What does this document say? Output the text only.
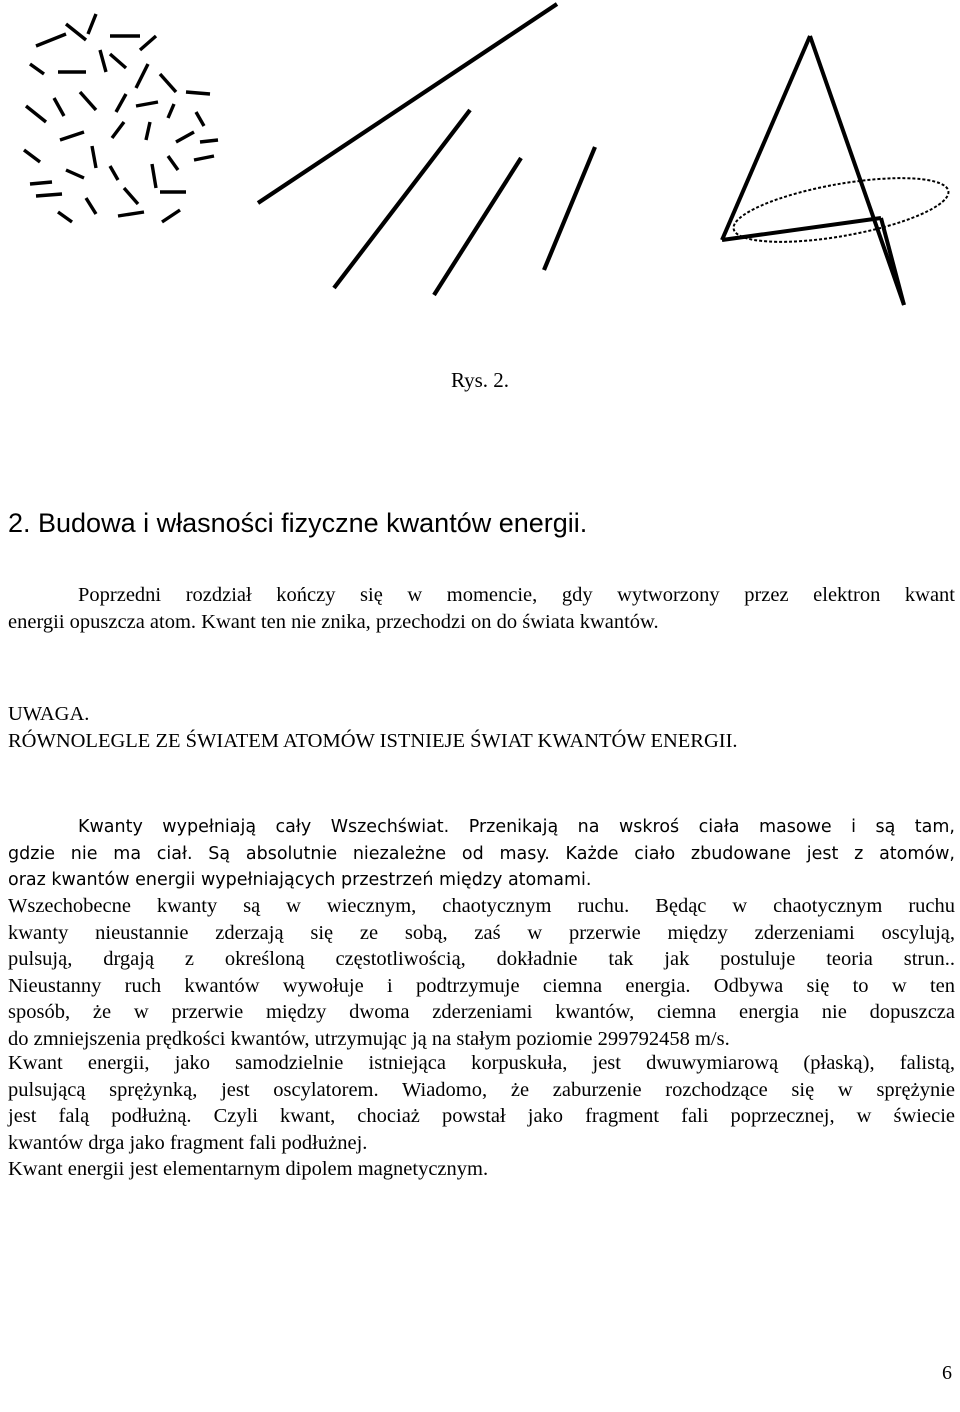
Rys. 2.
2. Budowa i własności fizyczne kwantów energii.

Poprzedni rozdział kończy się w momencie, gdy wytworzony przez elektron kwant
energii opuszcza atom. Kwant ten nie znika, przechodzi on do świata kwantów.

UWAGA.
RÓWNOLEGLE ZE ŚWIATEM ATOMÓW ISTNIEJE ŚWIAT KWANTÓW ENERGII.

Kwanty wypełniają cały Wszechświat. Przenikają na wskroś ciała masowe i są tam,
gdzie nie ma ciał. Są absolutnie niezależne od masy. Każde ciało zbudowane jest z atomów,
oraz kwantów energii wypełniających przestrzeń między atomami.

Wszechobecne kwanty są w wiecznym, chaotycznym ruchu. Będąc w chaotycznym ruchu
kwanty nieustannie zderzają się ze sobą, zaś w przerwie między zderzeniami oscylują,
pulsują, drgają z określoną częstotliwością, dokładnie tak jak postuluje teoria strun..
Nieustanny ruch kwantów wywołuje i podtrzymuje ciemna energia. Odbywa się to w ten
sposób, że w przerwie między dwoma zderzeniami kwantów, ciemna energia nie dopuszcza
do zmniejszenia prędkości kwantów, utrzymując ją na stałym poziomie 299792458 m/s.

Kwant energii, jako samodzielnie istniejąca korpuskuła, jest dwuwymiarową (płaską), falistą,
pulsującą sprężynką, jest oscylatorem. Wiadomo, że zaburzenie rozchodzące się w sprężynie
jest falą podłużną. Czyli kwant, chociaż powstał jako fragment fali poprzecznej, w świecie
kwantów drga jako fragment fali podłużnej.
Kwant energii jest elementarnym dipolem magnetycznym.

6
